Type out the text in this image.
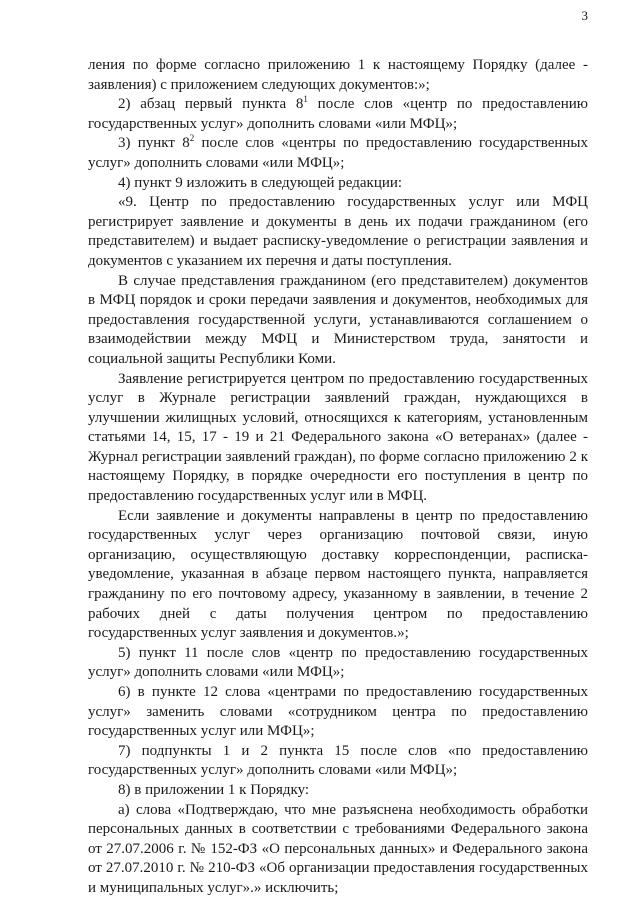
3

ления по форме согласно приложению 1 к настоящему Порядку (далее - заявления) с приложением следующих документов:»;

2) абзац первый пункта $8^1$ после слов «центр по предоставлению государственных услуг» дополнить словами «или МФЦ»;

3) пункт $8^2$ после слов «центры по предоставлению государственных услуг» дополнить словами «или МФЦ»;

4) пункт 9 изложить в следующей редакции:

«9. Центр по предоставлению государственных услуг или МФЦ регистрирует заявление и документы в день их подачи гражданином (его представителем) и выдает расписку-уведомление о регистрации заявления и документов с указанием их перечня и даты поступления.

В случае представления гражданином (его представителем) документов в МФЦ порядок и сроки передачи заявления и документов, необходимых для предоставления государственной услуги, устанавливаются соглашением о взаимодействии между МФЦ и Министерством труда, занятости и социальной защиты Республики Коми.

Заявление регистрируется центром по предоставлению государственных услуг в Журнале регистрации заявлений граждан, нуждающихся в улучшении жилищных условий, относящихся к категориям, установленным статьями 14, 15, 17 - 19 и 21 Федерального закона «О ветеранах» (далее - Журнал регистрации заявлений граждан), по форме согласно приложению 2 к настоящему Порядку, в порядке очередности его поступления в центр по предоставлению государственных услуг или в МФЦ.

Если заявление и документы направлены в центр по предоставлению государственных услуг через организацию почтовой связи, иную организацию, осуществляющую доставку корреспонденции, расписка-уведомление, указанная в абзаце первом настоящего пункта, направляется гражданину по его почтовому адресу, указанному в заявлении, в течение 2 рабочих дней с даты получения центром по предоставлению государственных услуг заявления и документов.»;

5) пункт 11 после слов «центр по предоставлению государственных услуг» дополнить словами «или МФЦ»;

6) в пункте 12 слова «центрами по предоставлению государственных услуг» заменить словами «сотрудником центра по предоставлению государственных услуг или МФЦ»;

7) подпункты 1 и 2 пункта 15 после слов «по предоставлению государственных услуг» дополнить словами «или МФЦ»;

8) в приложении 1 к Порядку:

а) слова «Подтверждаю, что мне разъяснена необходимость обработки персональных данных в соответствии с требованиями Федерального закона от 27.07.2006 г. № 152-ФЗ «О персональных данных» и Федерального закона от 27.07.2010 г. № 210-ФЗ «Об организации предоставления государственных и муниципальных услуг».» исключить;
